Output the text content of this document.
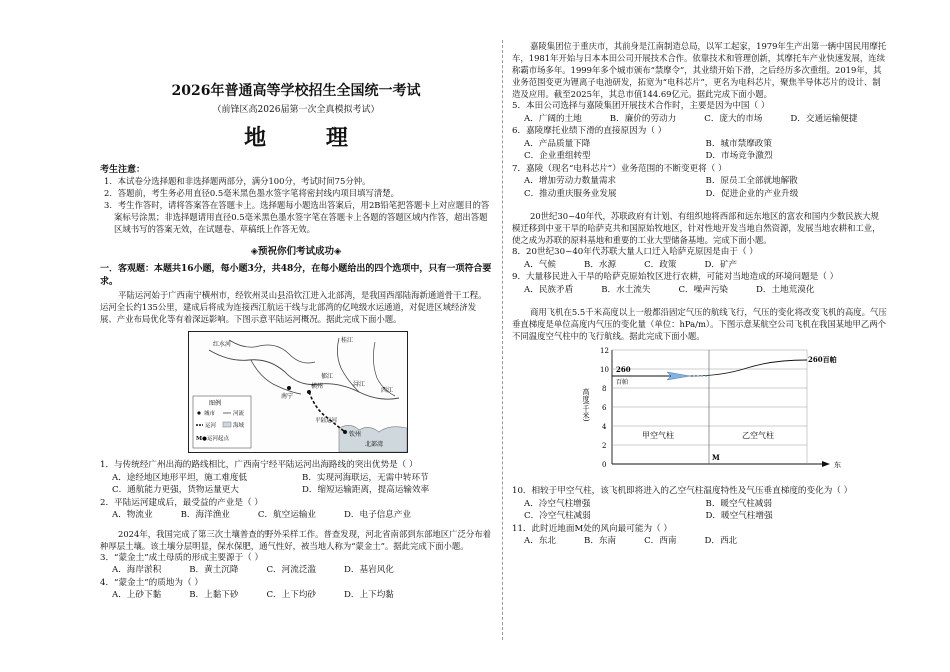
2026年普通高等学校招生全国统一考试
（前锋区高2026届第一次全真模拟考试）
地 理
考生注意：
1．本试卷分选择题和非选择题两部分，满分100分，考试时间75分钟。
2．答题前，考生务必用直径0.5毫米黑色墨水签字笔将密封线内项目填写清楚。
3．考生作答时，请将答案答在答题卡上。选择题每小题选出答案后，用2B铅笔把答题卡上对应题目的答案标号涂黑；非选择题请用直径0.5毫米黑色墨水签字笔在答题卡上各题的答题区域内作答，超出答题区域书写的答案无效，在试题卷、草稿纸上作答无效。
◈预祝你们考试成功◈
一．客观题：本题共16小题，每小题3分，共48分，在每小题给出的四个选项中，只有一项符合要求。
平陆运河始于广西南宁横州市，经钦州灵山县沿钦江进入北部湾，是我国西部陆海新通道骨干工程。运河全长约135公里，建成后将成为连接西江航运干线与北部湾的亿吨级水运通道，对促进区域经济发展、产业布局优化等有着深远影响。下图示意平陆运河概况。据此完成下面小题。
图例
城市	河流
运河	海域
M● 运河起点
红水河
桂江
南宁
横州
钦州
北部湾
郁江
浔江
西江
平陆运河
1．与传统经广州出海的路线相比，广西南宁经平陆运河出海路线的突出优势是（ ）
A．途经地区地形平坦，施工难度低	B．实现河海联运，无需中转环节
C．通航能力更强，货物运量更大	D．缩短运输距离，提高运输效率
2．平陆运河建成后，最受益的产业是（ ）
A．物流业	B．海洋渔业	C．航空运输业	D．电子信息产业
2024年，我国完成了第三次土壤普查的野外采样工作。普查发现，河北省南部到东部地区广泛分布着种厚层土壤。该土壤分层明显，保水保肥，通气性好，被当地人称为“蒙金土”。据此完成下面小题。
3．“蒙金土”成土母质的形成主要源于（ ）
A．海岸淤积	B．黄土沉降	C．河流泛滥	D．基岩风化
4．“蒙金土”的质地为（ ）
A．上砂下黏	B．上黏下砂	C．上下均砂	D．上下均黏
嘉陵集团位于重庆市，其前身是江南制造总局，以军工起家，1979年生产出第一辆中国民用摩托车，1981年开始与日本本田公司开展技术合作。依靠技术和管理创新，其摩托车产业快速发展，连续称霸市场多年。1999年多个城市颁布“禁摩令”，其业绩开始下滑，之后经历多次重组。2019年，其业务范围变更为锂离子电池研发，拓宽为“电科芯片”，更名为电科芯片，聚焦半导体芯片的设计、制造及应用。截至2025年，其总市值144.69亿元。据此完成下面小题。
5．本田公司选择与嘉陵集团开展技术合作时，主要是因为中国（ ）
A．广阔的土地	B．廉价的劳动力	C．庞大的市场	D．交通运输便捷
6．嘉陵摩托业绩下滑的直接原因为（ ）
A．产品质量下降	B．城市禁摩政策
C．企业重组转型	D．市场竞争激烈
7．嘉陵（现名“电科芯片”）业务范围的不断变更将（ ）
A．增加劳动力数量需求	B．原员工全部就地解散
C．推动重庆服务业发展	D．促进企业的产业升级
20世纪30~40年代，苏联政府有计划、有组织地将西部和远东地区的富农和国内少数民族大规模迁移到中亚干旱的哈萨克共和国原始牧地区，针对性地开发当地自然资源，发展当地农耕和工业，使之成为苏联的原料基地和重要的工业大型储备基地。完成下面小题。
8．20世纪30~40年代苏联大量人口迁入哈萨克原因是由于（ ）
A．气候	B．水源	C．政策	D．矿产
9．大量移民进入干旱的哈萨克原始牧区进行农耕，可能对当地造成的环境问题是（ ）
A．民族矛盾	B．水土流失	C．噪声污染	D．土地荒漠化
商用飞机在5.5千米高度以上一般都沿固定气压的航线飞行，气压的变化将改变飞机的高度。气压垂直梯度是单位高度内气压的变化量（单位：hPa/m）。下图示意某航空公司飞机在我国某地甲乙两个不同温度空气柱中的飞行航线。据此完成下面小题。
12
10
8
6
4
2
0
高度(千米)
260
百帕
260百帕
甲空气柱	乙空气柱
M
东
10．相较于甲空气柱，该飞机即将进入的乙空气柱温度特性及气压垂直梯度的变化为（ ）
A．冷空气柱增强	B．暖空气柱减弱
C．冷空气柱减弱	D．暖空气柱增强
11．此时近地面M处的风向最可能为（ ）
A．东北	B．东南	C．西南	D．西北
